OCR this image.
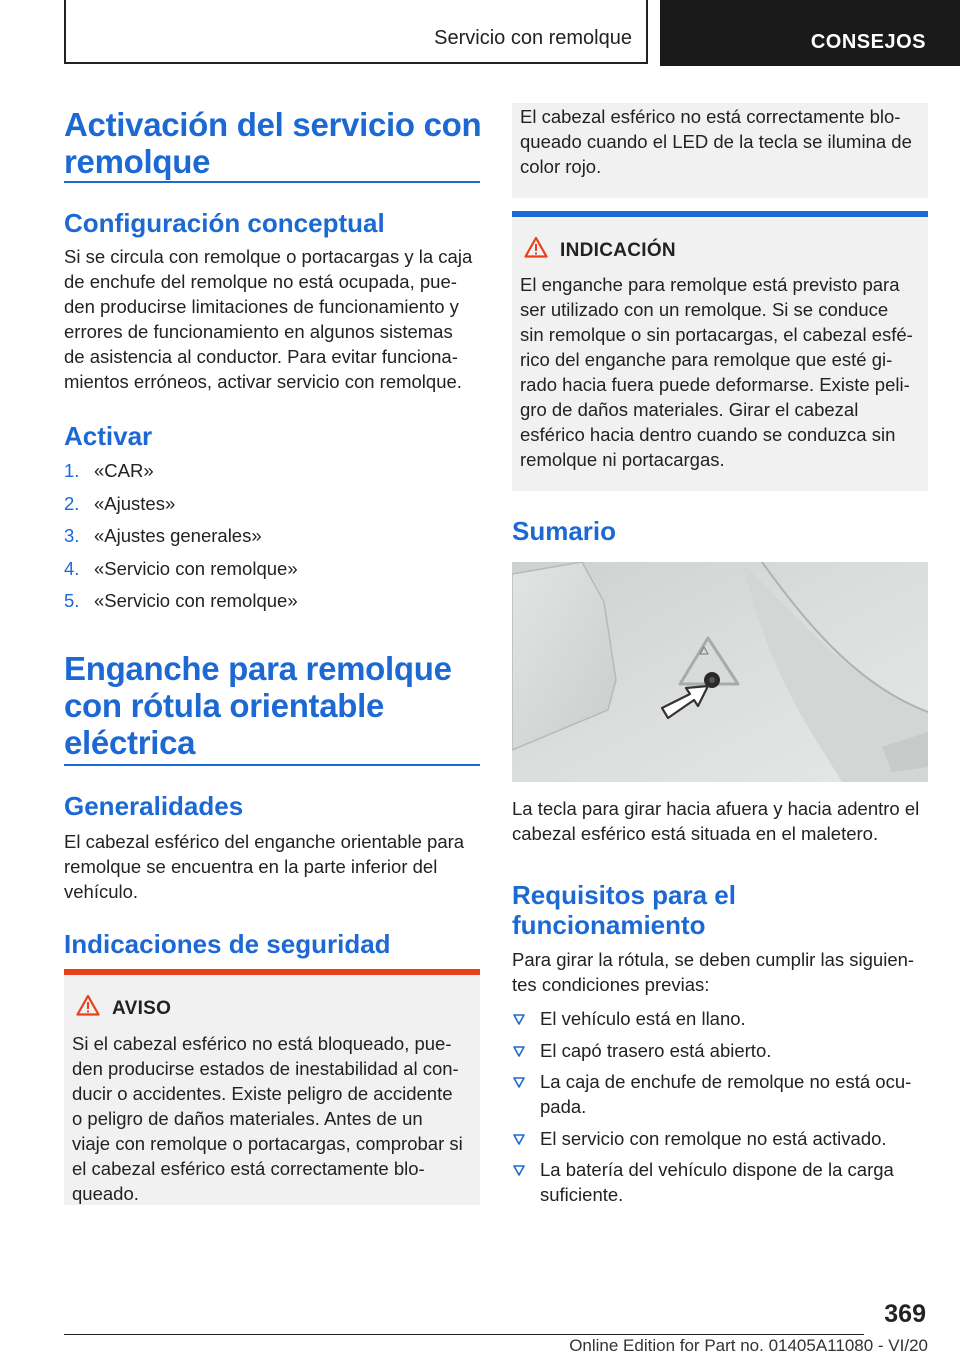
Servicio con remolque	CONSEJOS
Activación del servicio con
remolque
Configuración conceptual

Si se circula con remolque o portacargas y la caja
de enchufe del remolque no está ocupada, pue-
den producirse limitaciones de funcionamiento y
errores de funcionamiento en algunos sistemas
de asistencia al conductor. Para evitar funciona-
mientos erróneos, activar servicio con remolque.

Activar
1. «CAR»
2. «Ajustes»
3. «Ajustes generales»
4. «Servicio con remolque»
5. «Servicio con remolque»
Enganche para remolque
con rótula orientable
eléctrica
Generalidades

El cabezal esférico del enganche orientable para
remolque se encuentra en la parte inferior del
vehículo.

Indicaciones de seguridad
AVISO

Si el cabezal esférico no está bloqueado, pue-
den producirse estados de inestabilidad al con-
ducir o accidentes. Existe peligro de accidente
o peligro de daños materiales. Antes de un
viaje con remolque o portacargas, comprobar si
el cabezal esférico está correctamente blo-
queado.

El cabezal esférico no está correctamente blo-
queado cuando el LED de la tecla se ilumina de
color rojo.

INDICACIÓN

El enganche para remolque está previsto para
ser utilizado con un remolque. Si se conduce
sin remolque o sin portacargas, el cabezal esfé-
rico del enganche para remolque que esté gi-
rado hacia fuera puede deformarse. Existe peli-
gro de daños materiales. Girar el cabezal
esférico hacia dentro cuando se conduzca sin
remolque ni portacargas.

Sumario

La tecla para girar hacia afuera y hacia adentro el
cabezal esférico está situada en el maletero.

Requisitos para el
funcionamiento

Para girar la rótula, se deben cumplir las siguien-
tes condiciones previas:

El vehículo está en llano.
El capó trasero está abierto.
La caja de enchufe de remolque no está ocu-
pada.
El servicio con remolque no está activado.
La batería del vehículo dispone de la carga
suficiente.
369
Online Edition for Part no. 01405A11080 - VI/20
